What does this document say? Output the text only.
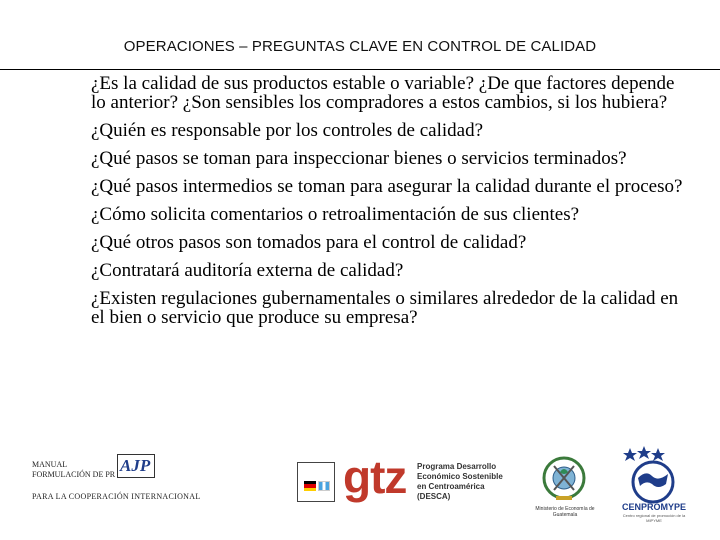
OPERACIONES – PREGUNTAS CLAVE EN CONTROL DE CALIDAD
¿Es la calidad de sus productos estable o variable? ¿De que factores depende lo anterior? ¿Son sensibles los compradores a estos cambios, si los hubiera?
¿Quién es responsable por los controles de calidad?
¿Qué pasos se toman para inspeccionar bienes o servicios terminados?
¿Qué pasos intermedios se toman para asegurar la calidad durante el proceso?
¿Cómo solicita comentarios o retroalimentación de sus clientes?
¿Qué otros pasos son tomados para el control de calidad?
¿Contratará auditoría externa de calidad?
¿Existen regulaciones gubernamentales o similares alrededor de la calidad en el bien o servicio que produce su empresa?
MANUAL
FORMULACIÓN DE PR AJP
PARA LA COOPERACIÓN INTERNACIONAL	gtz Programa Desarrollo
Económico Sostenible
en Centroamérica
(DESCA)
Ministerio de Economía de Guatemala
CENPROMYPE
Centro regional de promoción de la MIPYME
